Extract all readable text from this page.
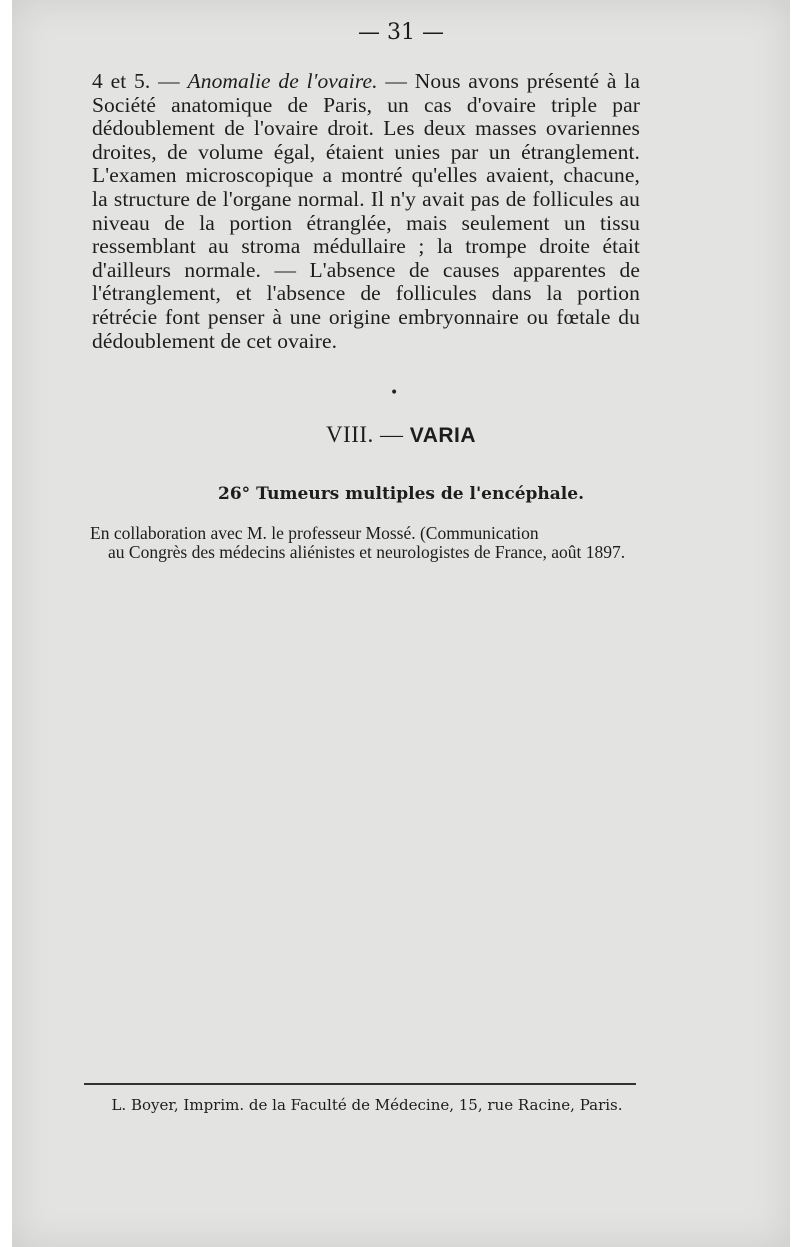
— 31 —
4 et 5. — Anomalie de l'ovaire. — Nous avons présenté à la Société anatomique de Paris, un cas d'ovaire triple par dédoublement de l'ovaire droit. Les deux masses ovariennes droites, de volume égal, étaient unies par un étranglement. L'examen microscopique a montré qu'elles avaient, chacune, la structure de l'organe normal. Il n'y avait pas de follicules au niveau de la portion étranglée, mais seulement un tissu ressemblant au stroma médullaire ; la trompe droite était d'ailleurs normale. — L'absence de causes apparentes de l'étranglement, et l'absence de follicules dans la portion rétrécie font penser à une origine embryonnaire ou fœtale du dédoublement de cet ovaire.
•
VIII. — VARIA
26° Tumeurs multiples de l'encéphale.
En collaboration avec M. le professeur Mossé. (Communication
au Congrès des médecins aliénistes et neurologistes de France, août 1897.
L. Boyer, Imprim. de la Faculté de Médecine, 15, rue Racine, Paris.
